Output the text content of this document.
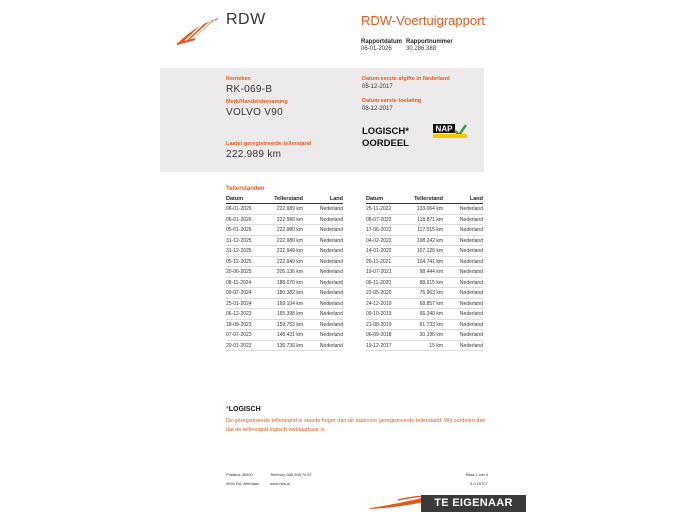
RDW	RDW-Voertuigrapport
Rapportdatum
06-01-2026
Rapportnummer
30.286.388
Kenteken
RK-069-B
Merk/Handelsbenaming
VOLVO V90
Laatst geregistreerde tellerstand
222.989 km
Datum eerste afgifte in Nederland
08-12-2017
Datum eerste toelating
08-12-2017
LOGISCH*
OORDEEL
NAP
Tellerstanden
Datum	Tellerstand	Land
06-01-2026	222.989 km	Nederland
06-01-2026	222.980 km	Nederland
05-01-2026	222.980 km	Nederland
31-12-2025	222.980 km	Nederland
31-12-2025	222.949 km	Nederland
05-12-2025	222.949 km	Nederland
20-06-2025	205.136 km	Nederland
08-11-2024	188.070 km	Nederland
09-07-2024	180.382 km	Nederland
25-01-2024	169.104 km	Nederland
06-12-2023	165.398 km	Nederland
18-09-2023	159.753 km	Nederland
07-07-2023	148.431 km	Nederland
20-01-2023	136.730 km	Nederland
Datum	Tellerstand	Land
25-11-2022	133.064 km	Nederland
08-07-2022	118.871 km	Nederland
17-06-2022	117.015 km	Nederland
04-02-2022	108.242 km	Nederland
14-01-2022	107.126 km	Nederland
26-11-2021	104.741 km	Nederland
19-07-2021	98.444 km	Nederland
06-11-2020	88.615 km	Nederland
22-05-2020	76.963 km	Nederland
24-12-2019	68.857 km	Nederland
09-10-2019	66.340 km	Nederland
21-08-2019	61.733 km	Nederland
06-09-2018	30.196 km	Nederland
19-12-2017	15 km	Nederland
*LOGISCH
De geregistreerde tellerstand is steeds hoger dan de daarvoor geregistreerde tellerstand. Wij oordelen dan dat de tellerstand logisch verklaarbaar is.
Postbus 30000	Telefoon 088 008 74 87
9640 RA Veendam	www.rdw.nl
Blad 1 van 4
3.0.16707
TE EIGENAAR ORG. NL
